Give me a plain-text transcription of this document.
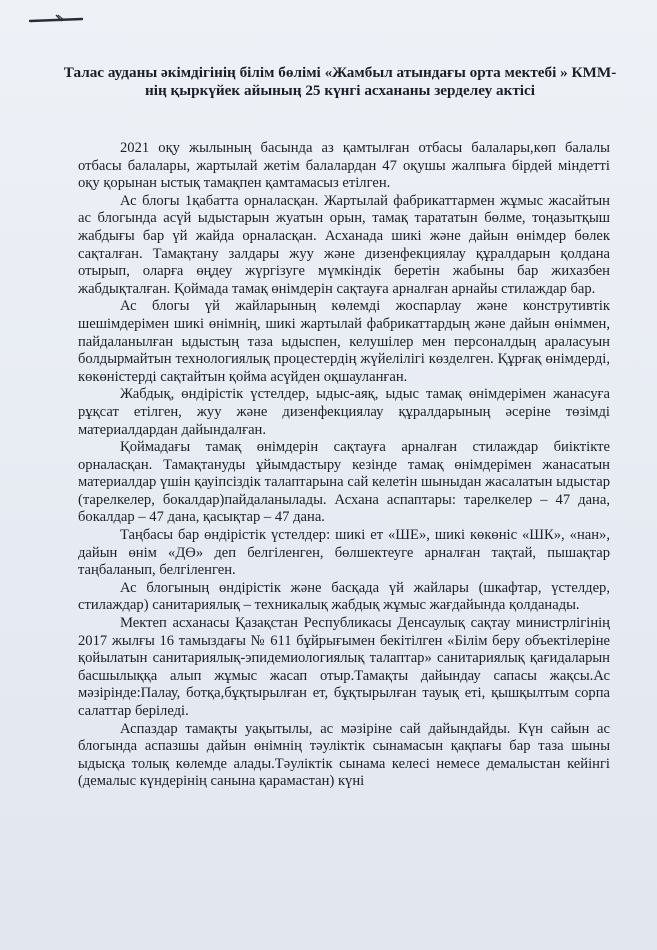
Талас ауданы әкімдігінің білім бөлімі «Жамбыл атындағы орта мектебі » КММ-нің қыркүйек айының 25 күнгі асхананы зерделеу актісі

2021 оқу жылының басында аз қамтылған отбасы балалары,көп балалы отбасы балалары, жартылай жетім балалардан 47 оқушы жалпыға бірдей міндетті оқу қорынан ыстық тамақпен қамтамасыз етілген.

Ас блогы 1қабатта орналасқан. Жартылай фабрикаттармен жұмыс жасайтын ас блогында асүй ыдыстарын жуатын орын, тамақ тарататын бөлме, тоңазытқыш жабдығы бар үй жайда орналасқан. Асханада шикі және дайын өнімдер бөлек сақталған. Тамақтану залдары жуу және дизенфекциялау құралдарын қолдана отырып, оларға өңдеу жүргізуге мүмкіндік беретін жабыны бар жихазбен жабдықталған. Қоймада тамақ өнімдерін сақтауға арналған арнайы стилаждар бар.

Ас блогы үй жайларының көлемді жоспарлау және конструтивтік шешімдерімен шикі өнімнің, шикі жартылай фабрикаттардың және дайын өніммен, пайдаланылған ыдыстың таза ыдыспен, келушілер мен персоналдың араласуын болдырмайтын технологиялық процестердің жүйелілігі көзделген. Құрғақ өнімдерді, көкөністерді сақтайтын қойма асүйден оқшауланған.

Жабдық, өндірістік үстелдер, ыдыс-аяқ, ыдыс тамақ өнімдерімен жанасуға рұқсат етілген, жуу және дизенфекциялау құралдарының әсеріне төзімді материалдардан дайындалған.

Қоймадағы тамақ өнімдерін сақтауға арналған стилаждар биіктікте орналасқан. Тамақтануды ұйымдастыру кезінде тамақ өнімдерімен жанасатын материалдар үшін қауіпсіздік талаптарына сай келетін шыныдан жасалатын ыдыстар (тарелкелер, бокалдар)пайдаланылады. Асхана аспаптары: тарелкелер – 47 дана, бокалдар – 47 дана, қасықтар – 47 дана.

Таңбасы бар өндірістік үстелдер: шикі ет «ШЕ», шикі көкөніс «ШК», «нан», дайын өнім «ДӨ» деп белгіленген, бөлшектеуге арналған тақтай, пышақтар таңбаланып, белгіленген.

Ас блогының өндірістік және басқада үй жайлары (шкафтар, үстелдер, стилаждар) санитариялық – техникалық жабдық жұмыс жағдайында қолданады.

Мектеп асханасы Қазақстан Республикасы Денсаулық сақтау министрлігінің 2017 жылғы 16 тамыздағы № 611 бұйрығымен бекітілген «Білім беру объектілеріне қойылатын санитариялық-эпидемиологиялық талаптар» санитариялық қағидаларын басшылыққа алып жұмыс жасап отыр.Тамақты дайындау сапасы жақсы.Ас мәзірінде:Палау, ботқа,бұқтырылған ет, бұқтырылған тауық еті, қышқылтым сорпа салаттар беріледі.

Аспаздар тамақты уақытылы, ас мәзіріне сай дайындайды. Күн сайын ас блогында аспазшы дайын өнімнің тәуліктік сынамасын қақпағы бар таза шыны ыдысқа толық көлемде алады.Тәуліктік сынама келесі немесе демалыстан кейінгі (демалыс күндерінің санына қарамастан) күні
